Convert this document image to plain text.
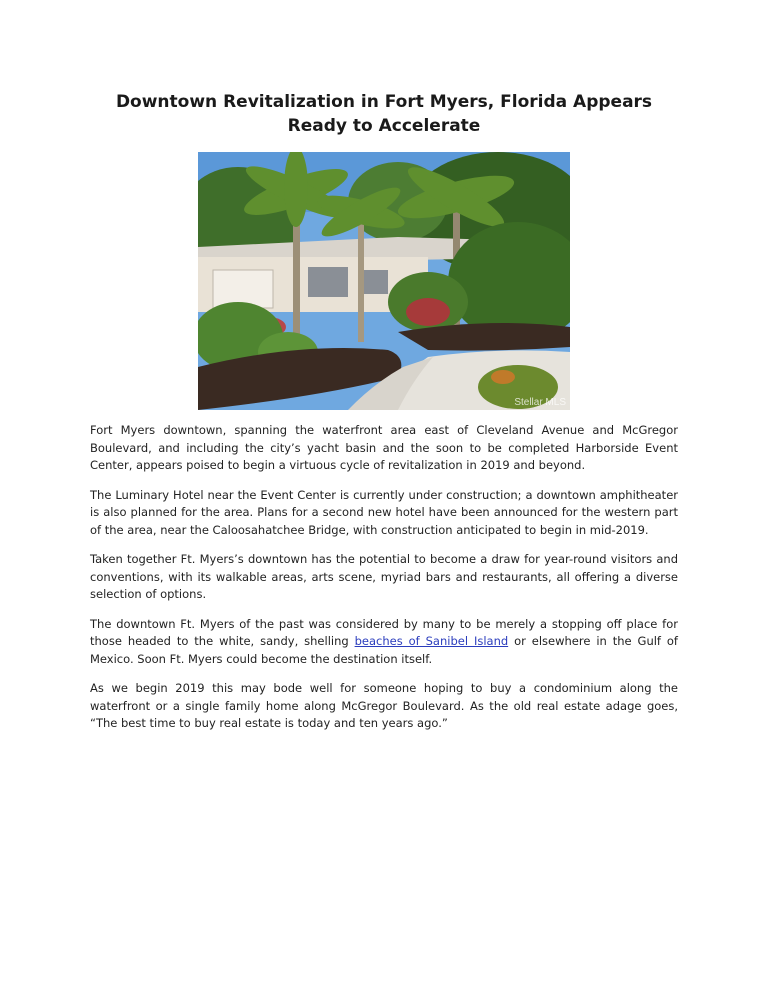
Downtown Revitalization in Fort Myers, Florida Appears
Ready to Accelerate
Stellar MLS

Fort Myers downtown, spanning the waterfront area east of Cleveland Avenue and McGregor Boulevard, and including the city’s yacht basin and the soon to be completed Harborside Event Center, appears poised to begin a virtuous cycle of revitalization in 2019 and beyond.

The Luminary Hotel near the Event Center is currently under construction; a downtown amphitheater is also planned for the area. Plans for a second new hotel have been announced for the western part of the area, near the Caloosahatchee Bridge, with construction anticipated to begin in mid-2019.

Taken together Ft. Myers’s downtown has the potential to become a draw for year-round visitors and conventions, with its walkable areas, arts scene, myriad bars and restaurants, all offering a diverse selection of options.

The downtown Ft. Myers of the past was considered by many to be merely a stopping off place for those headed to the white, sandy, shelling beaches of Sanibel Island or elsewhere in the Gulf of Mexico. Soon Ft. Myers could become the destination itself.

As we begin 2019 this may bode well for someone hoping to buy a condominium along the waterfront or a single family home along McGregor Boulevard. As the old real estate adage goes, “The best time to buy real estate is today and ten years ago.”
